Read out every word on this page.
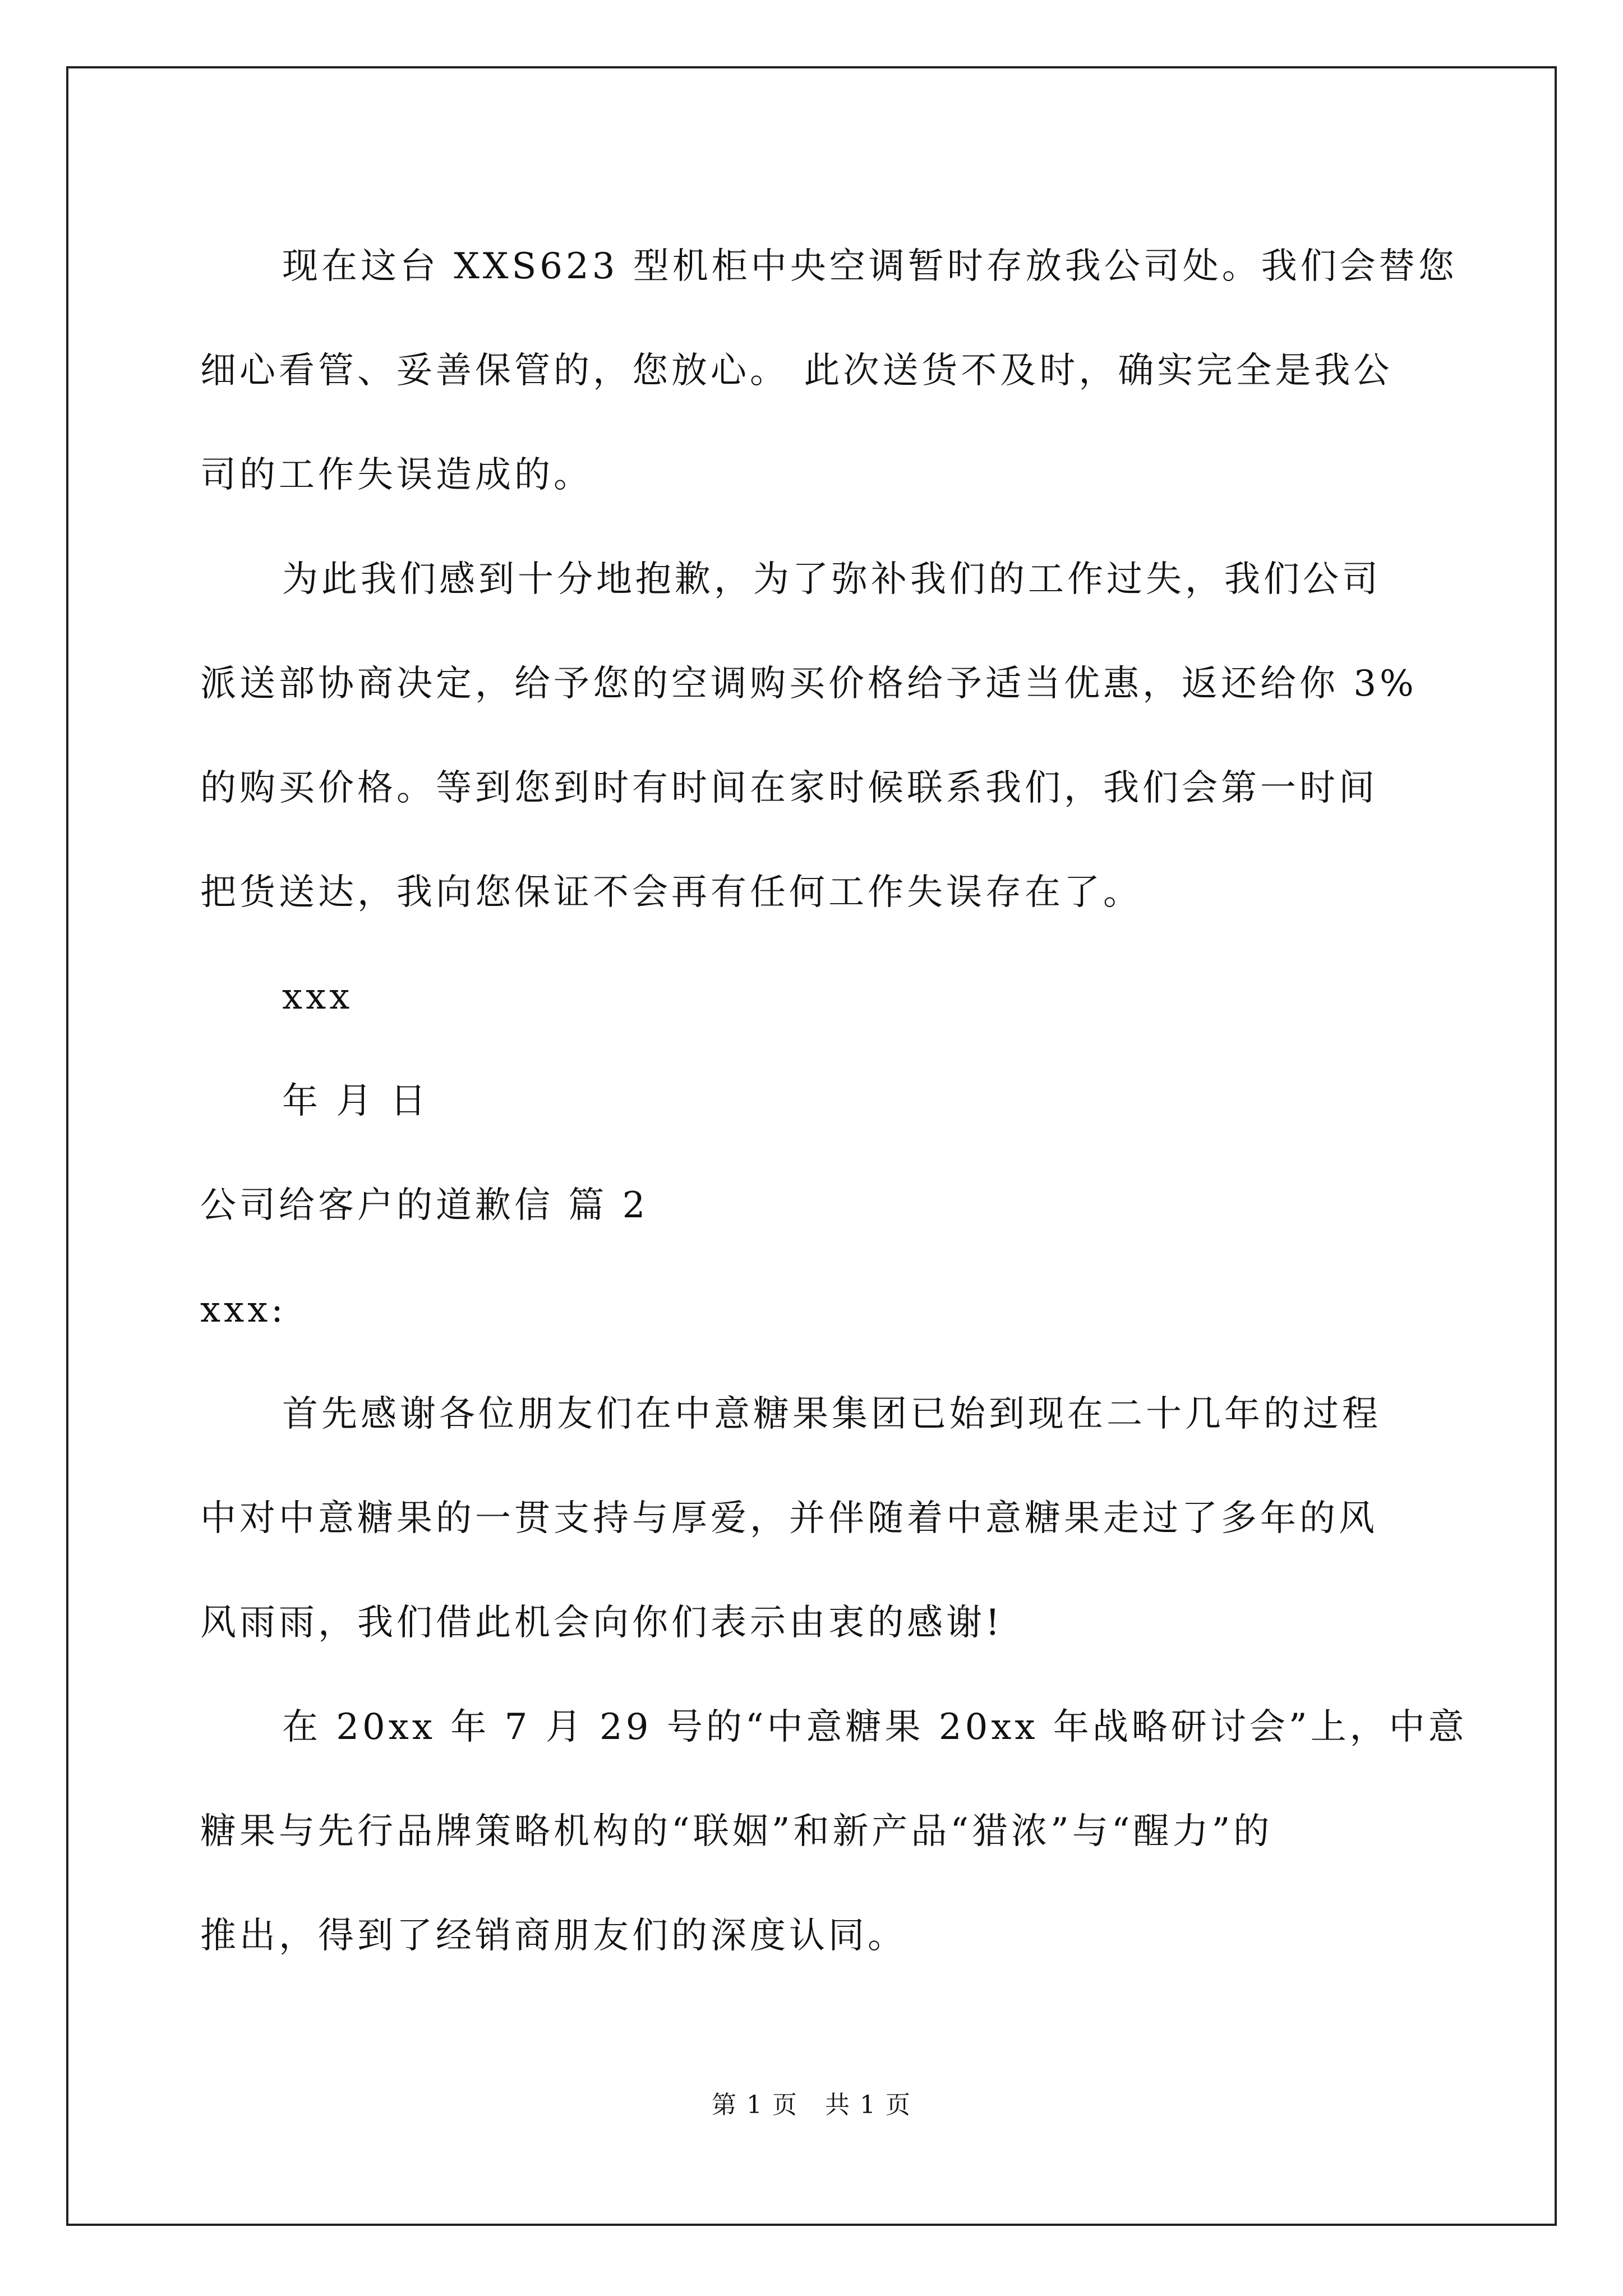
现在这台 XXS623 型机柜中央空调暂时存放我公司处。我们会替您

细心看管、妥善保管的，您放心。 此次送货不及时，确实完全是我公

司的工作失误造成的。

为此我们感到十分地抱歉，为了弥补我们的工作过失，我们公司

派送部协商决定，给予您的空调购买价格给予适当优惠，返还给你 3%

的购买价格。等到您到时有时间在家时候联系我们，我们会第一时间

把货送达，我向您保证不会再有任何工作失误存在了。

xxx

年 月 日

公司给客户的道歉信 篇 2

xxx:

首先感谢各位朋友们在中意糖果集团已始到现在二十几年的过程

中对中意糖果的一贯支持与厚爱，并伴随着中意糖果走过了多年的风

风雨雨，我们借此机会向你们表示由衷的感谢!

在 20xx 年 7 月 29 号的“中意糖果 20xx 年战略研讨会”上，中意

糖果与先行品牌策略机构的“联姻”和新产品“猎浓”与“醒力”的

推出，得到了经销商朋友们的深度认同。

第 1 页   共 1 页
